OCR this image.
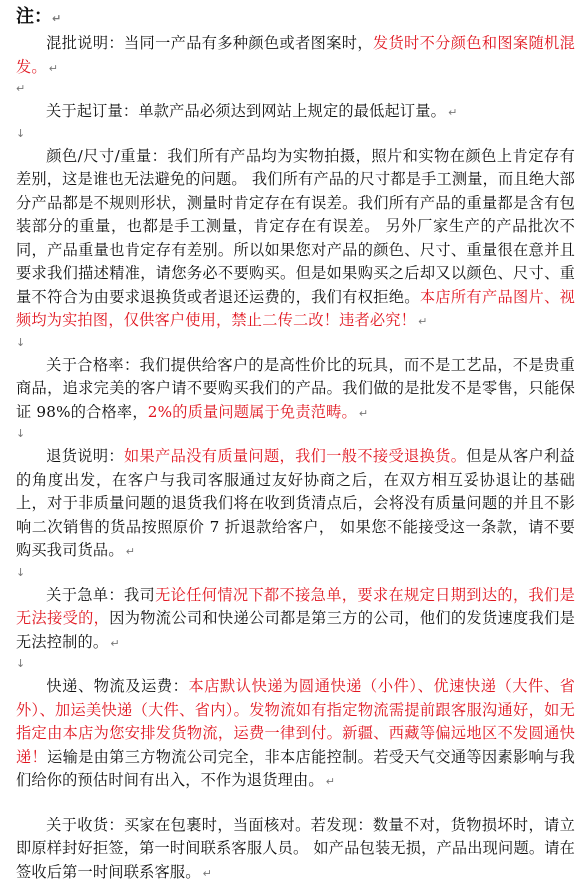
注：↵

混批说明：当同一产品有多种颜色或者图案时，发货时不分颜色和图案随机混发。 ↵

↵

关于起订量：单款产品必须达到网站上规定的最低起订量。 ↵

↓

颜色/尺寸/重量：我们所有产品均为实物拍摄，照片和实物在颜色上肯定存有差别，这是谁也无法避免的问题。 我们所有产品的尺寸都是手工测量，而且绝大部分产品都是不规则形状，测量时肯定存在有误差。我们所有产品的重量都是含有包装部分的重量，也都是手工测量，肯定存在有误差。 另外厂家生产的产品批次不同，产品重量也肯定存有差别。所以如果您对产品的颜色、尺寸、重量很在意并且要求我们描述精准，请您务必不要购买。但是如果购买之后却又以颜色、尺寸、重量不符合为由要求退换货或者退还运费的，我们有权拒绝。本店所有产品图片、视频均为实拍图，仅供客户使用，禁止二传二改！违者必究！ ↵

↓

关于合格率：我们提供给客户的是高性价比的玩具，而不是工艺品，不是贵重商品，追求完美的客户请不要购买我们的产品。我们做的是批发不是零售，只能保证 98%的合格率，2%的质量问题属于免责范畴。 ↵

↓

退货说明：如果产品没有质量问题，我们一般不接受退换货。但是从客户利益的角度出发，在客户与我司客服通过友好协商之后，在双方相互妥协退让的基础上，对于非质量问题的退货我们将在收到货清点后，会将没有质量问题的并且不影响二次销售的货品按照原价 7 折退款给客户， 如果您不能接受这一条款，请不要购买我司货品。 ↵

↓

关于急单：我司无论任何情况下都不接急单，要求在规定日期到达的，我们是无法接受的，因为物流公司和快递公司都是第三方的公司，他们的发货速度我们是无法控制的。 ↵

↓

快递、物流及运费：本店默认快递为圆通快递（小件）、优速快递（大件、省外）、加运美快递（大件、省内）。发物流如有指定物流需提前跟客服沟通好，如无指定由本店为您安排发货物流，运费一律到付。新疆、西藏等偏远地区不发圆通快递！运输是由第三方物流公司完全，非本店能控制。若受天气交通等因素影响与我们给你的预估时间有出入，不作为退货理由。 ↵

关于收货：买家在包裹时，当面核对。若发现：数量不对，货物损坏时，请立即原样封好拒签，第一时间联系客服人员。 如产品包装无损，产品出现问题。请在签收后第一时间联系客服。 ↵
